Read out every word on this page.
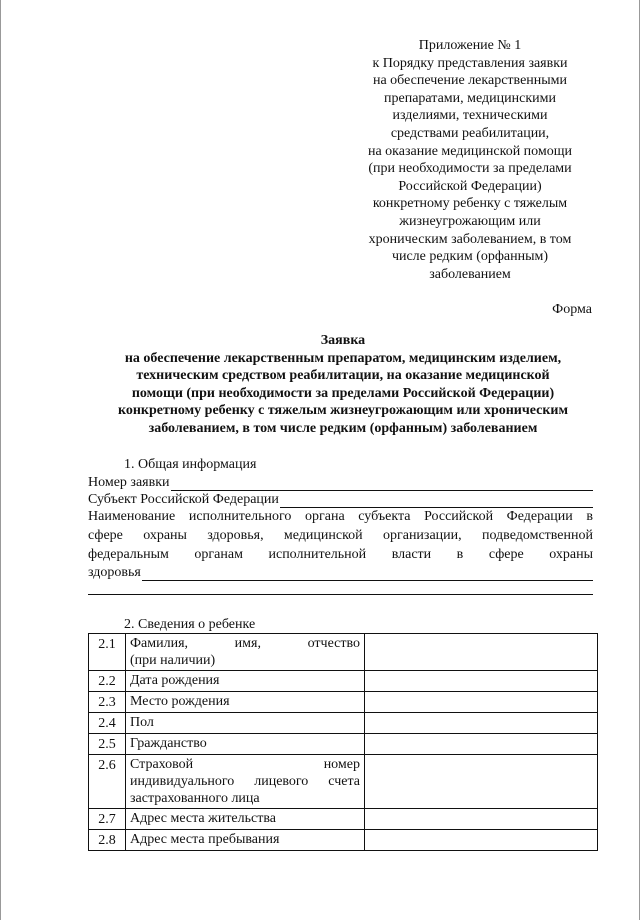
Приложение № 1
к Порядку представления заявки
на обеспечение лекарственными
препаратами, медицинскими
изделиями, техническими
средствами реабилитации,
на оказание медицинской помощи
(при необходимости за пределами
Российской Федерации)
конкретному ребенку с тяжелым
жизнеугрожающим или
хроническим заболеванием, в том
числе редким (орфанным)
заболеванием
Форма
Заявка
на обеспечение лекарственным препаратом, медицинским изделием,
техническим средством реабилитации, на оказание медицинской
помощи (при необходимости за пределами Российской Федерации)
конкретному ребенку с тяжелым жизнеугрожающим или хроническим
заболеванием, в том числе редким (орфанным) заболеванием
1. Общая информация
Номер заявки
Субъект Российской Федерации
Наименование исполнительного органа субъекта Российской Федерации в
сфере охраны здоровья, медицинской организации, подведомственной
федеральным органам исполнительной власти в сфере охраны
здоровья
2. Сведения о ребенке
2.1	Фамилия, имя, отчество
(при наличии)	

2.2	Дата рождения	
2.3	Место рождения	
2.4	Пол	
2.5	Гражданство	
2.6	Страховой номер
индивидуального лицевого счета
застрахованного лица	

2.7	Адрес места жительства	
2.8	Адрес места пребывания	
